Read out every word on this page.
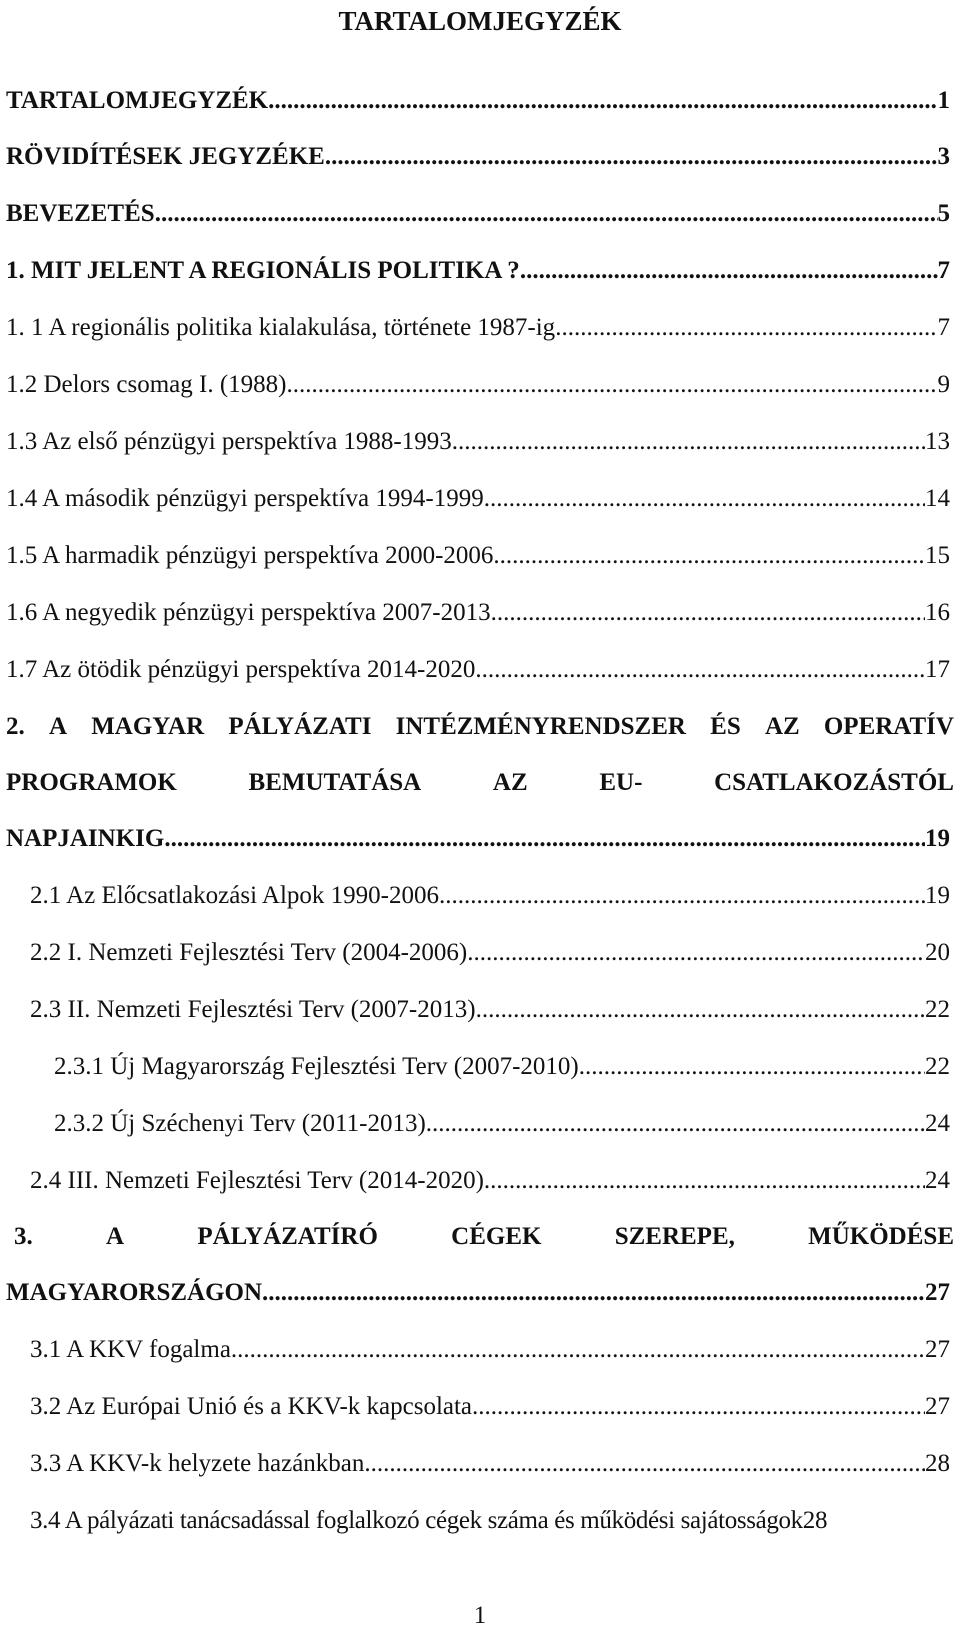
TARTALOMJEGYZÉK
TARTALOMJEGYZÉK .....	1
RÖVIDÍTÉSEK JEGYZÉKE .....	3
BEVEZETÉS .....	5
1. MIT JELENT A REGIONÁLIS POLITIKA ? .....	7
1. 1 A regionális politika kialakulása, története 1987-ig .....	7
1.2 Delors csomag I. (1988) .....	9
1.3 Az első pénzügyi perspektíva 1988-1993 .....	13
1.4 A második pénzügyi perspektíva 1994-1999 .....	14
1.5 A harmadik pénzügyi perspektíva 2000-2006 .....	15
1.6 A negyedik pénzügyi perspektíva 2007-2013 .....	16
1.7 Az ötödik pénzügyi perspektíva 2014-2020 .....	17
2. A MAGYAR PÁLYÁZATI INTÉZMÉNYRENDSZER ÉS AZ OPERATÍV
PROGRAMOK	BEMUTATÁSA	AZ	EU-	CSATLAKOZÁSTÓL
NAPJAINKIG .....	19
2.1 Az Előcsatlakozási Alpok 1990-2006 .....	19
2.2 I. Nemzeti Fejlesztési Terv (2004-2006) .....	20
2.3 II. Nemzeti Fejlesztési Terv (2007-2013) .....	22
2.3.1 Új Magyarország Fejlesztési Terv (2007-2010) .....	22
2.3.2 Új Széchenyi Terv (2011-2013) .....	24
2.4 III. Nemzeti Fejlesztési Terv (2014-2020) .....	24
3.	A	PÁLYÁZATÍRÓ	CÉGEK	SZEREPE,	MŰKÖDÉSE
MAGYARORSZÁGON .....	27
3.1 A KKV fogalma .....	27
3.2 Az Európai Unió és a KKV-k kapcsolata .....	27
3.3 A KKV-k helyzete hazánkban .....	28
3.4 A pályázati tanácsadással foglalkozó cégek száma és működési sajátosságok 28
1
